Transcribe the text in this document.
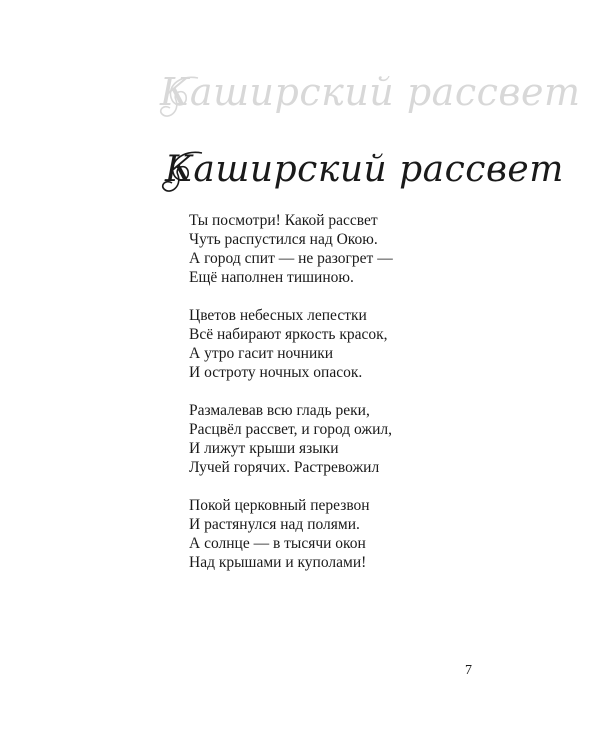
Каширский рассвет
Каширский рассвет
Ты посмотри! Какой рассвет
Чуть распустился над Окою.
А город спит — не разогрет —
Ещё наполнен тишиною.
Цветов небесных лепестки
Всё набирают яркость красок,
А утро гасит ночники
И остроту ночных опасок.
Размалевав всю гладь реки,
Расцвёл рассвет, и город ожил,
И лижут крыши языки
Лучей горячих. Растревожил
Покой церковный перезвон
И растянулся над полями.
А солнце — в тысячи окон
Над крышами и куполами!
7
